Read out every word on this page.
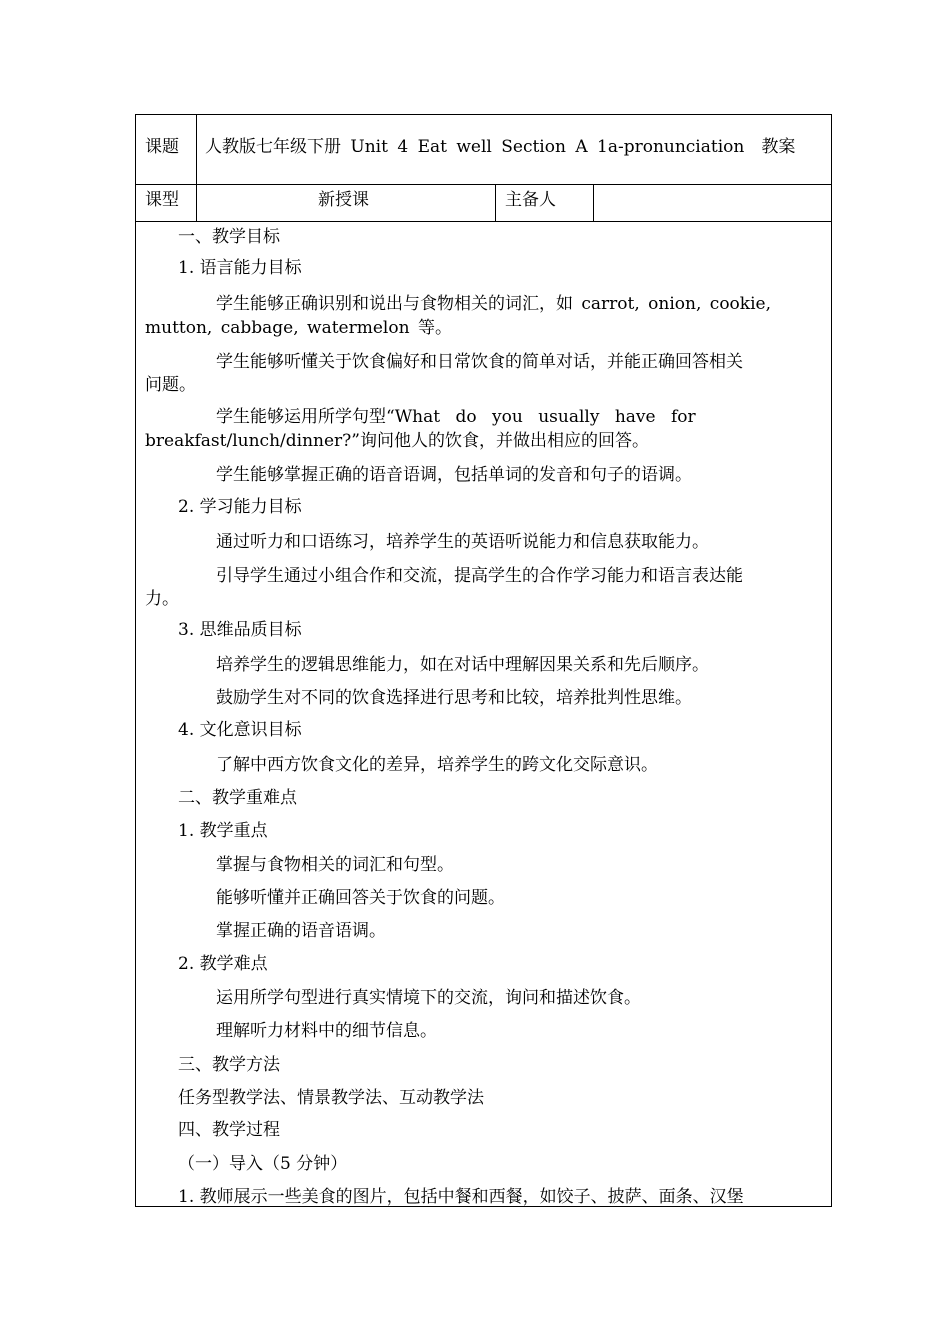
课题 人教版七年级下册 Unit 4 Eat well Section A 1a-pronunciation　教案
课型	新授课	主备人
一、教学目标
1. 语言能力目标
学生能够正确识别和说出与食物相关的词汇，如 carrot, onion, cookie,
mutton, cabbage, watermelon 等。
学生能够听懂关于饮食偏好和日常饮食的简单对话，并能正确回答相关
问题。
学生能够运用所学句型“What do you usually have for
breakfast/lunch/dinner?”询问他人的饮食，并做出相应的回答。
学生能够掌握正确的语音语调，包括单词的发音和句子的语调。
2. 学习能力目标
通过听力和口语练习，培养学生的英语听说能力和信息获取能力。
引导学生通过小组合作和交流，提高学生的合作学习能力和语言表达能
力。
3. 思维品质目标
培养学生的逻辑思维能力，如在对话中理解因果关系和先后顺序。
鼓励学生对不同的饮食选择进行思考和比较，培养批判性思维。
4. 文化意识目标
了解中西方饮食文化的差异，培养学生的跨文化交际意识。
二、教学重难点
1. 教学重点
掌握与食物相关的词汇和句型。
能够听懂并正确回答关于饮食的问题。
掌握正确的语音语调。
2. 教学难点
运用所学句型进行真实情境下的交流，询问和描述饮食。
理解听力材料中的细节信息。
三、教学方法
任务型教学法、情景教学法、互动教学法
四、教学过程
（一）导入（5 分钟）
1. 教师展示一些美食的图片，包括中餐和西餐，如饺子、披萨、面条、汉堡
